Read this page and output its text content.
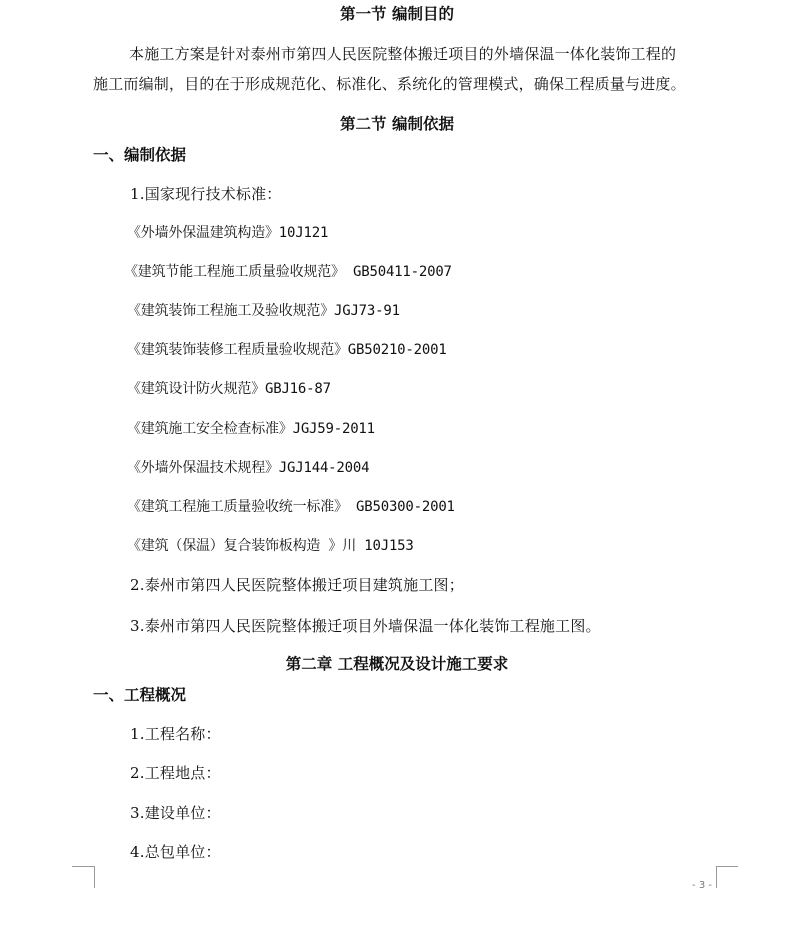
第一节 编制目的
本施工方案是针对泰州市第四人民医院整体搬迁项目的外墙保温一体化装饰工程的
施工而编制，目的在于形成规范化、标准化、系统化的管理模式，确保工程质量与进度。
第二节 编制依据
一、编制依据
1.国家现行技术标准：
《外墙外保温建筑构造》10J121
《建筑节能工程施工质量验收规范》 GB50411-2007
《建筑装饰工程施工及验收规范》JGJ73-91
《建筑装饰装修工程质量验收规范》GB50210-2001
《建筑设计防火规范》GBJ16-87
《建筑施工安全检查标准》JGJ59-2011
《外墙外保温技术规程》JGJ144-2004
《建筑工程施工质量验收统一标准》 GB50300-2001
《建筑（保温）复合装饰板构造 》川 10J153
2.泰州市第四人民医院整体搬迁项目建筑施工图；
3.泰州市第四人民医院整体搬迁项目外墙保温一体化装饰工程施工图。
第二章 工程概况及设计施工要求
一、工程概况
1.工程名称：
2.工程地点：
3.建设单位：
4.总包单位：
- 3 -
